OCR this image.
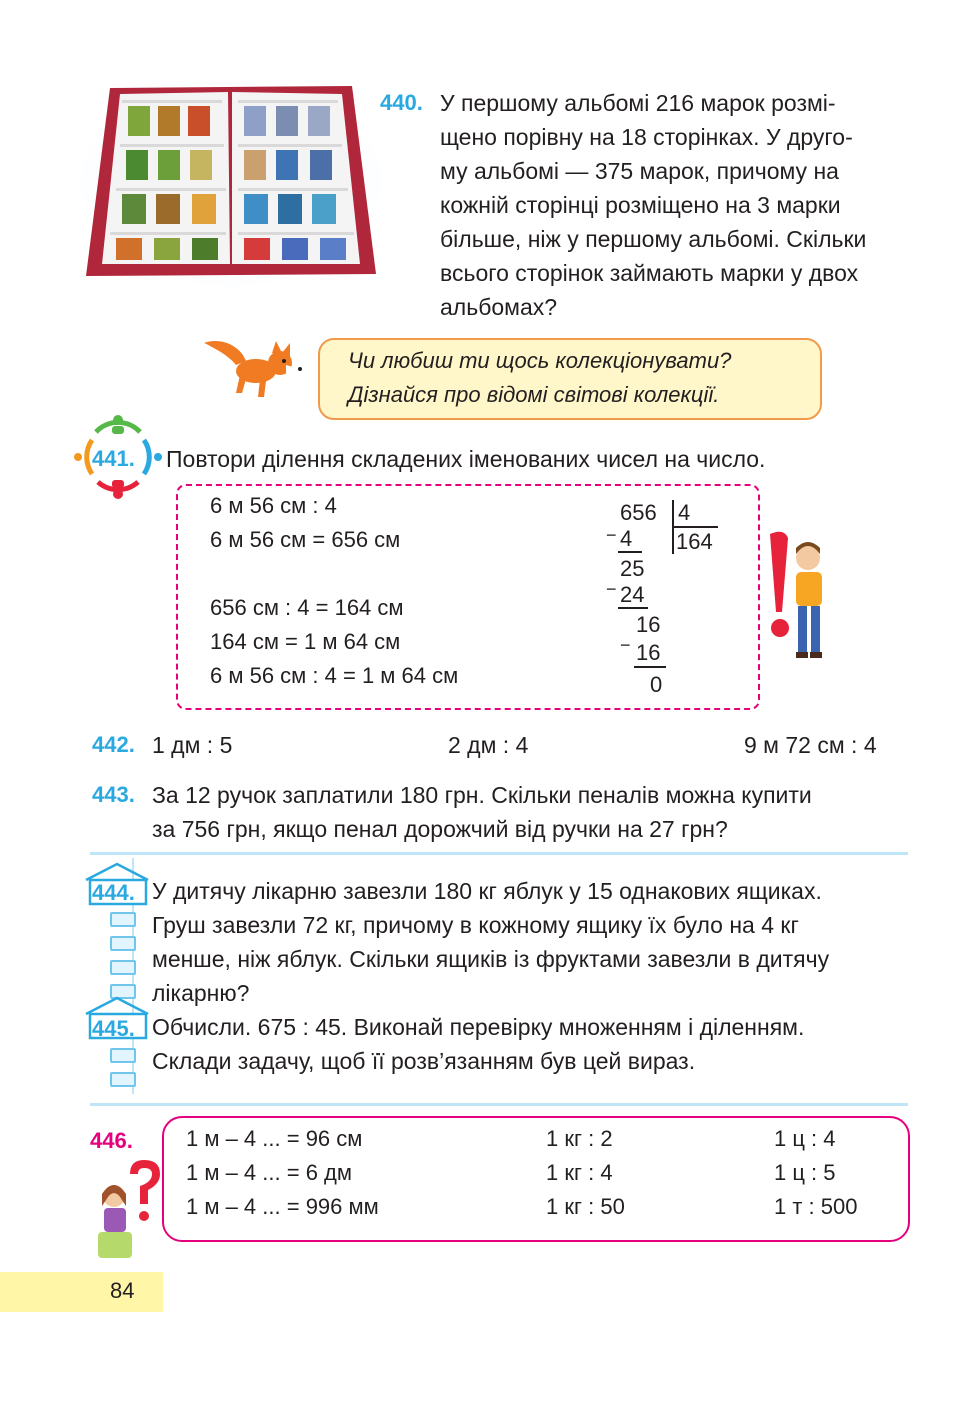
440. У першому альбомі 216 марок розмі-
щено порівну на 18 сторінках. У друго-
му альбомі — 375 марок, причому на
кожній сторінці розміщено на 3 марки
більше, ніж у першому альбомі. Скільки
всього сторінок займають марки у двох
альбомах?
Чи любиш ти щось колекціонувати?
Дізнайся про відомі світові колекції.
441. Повтори ділення складених іменованих чисел на число.
6 м 56 см : 4
6 м 56 см = 656 см
656 см : 4 = 164 см
164 см = 1 м 64 см
6 м 56 см : 4 = 1 м 64 см
656 4
164
− 4
25
− 24
16
− 16
0
442. 1 дм : 5	2 дм : 4	9 м 72 см : 4
443. За 12 ручок заплатили 180 грн. Скільки пеналів можна купити
за 756 грн, якщо пенал дорожчий від ручки на 27 грн?
444. У дитячу лікарню завезли 180 кг яблук у 15 однакових ящиках.
Груш завезли 72 кг, причому в кожному ящику їх було на 4 кг
менше, ніж яблук. Скільки ящиків із фруктами завезли в дитячу
лікарню?
445. Обчисли. 675 : 45. Виконай перевірку множенням і діленням.
Склади задачу, щоб її розв’язанням був цей вираз.
446. 1 м – 4 ... = 96 см
1 м – 4 ... = 6 дм
1 м – 4 ... = 996 мм
1 кг : 2
1 кг : 4
1 кг : 50
1 ц : 4
1 ц : 5
1 т : 500
84
